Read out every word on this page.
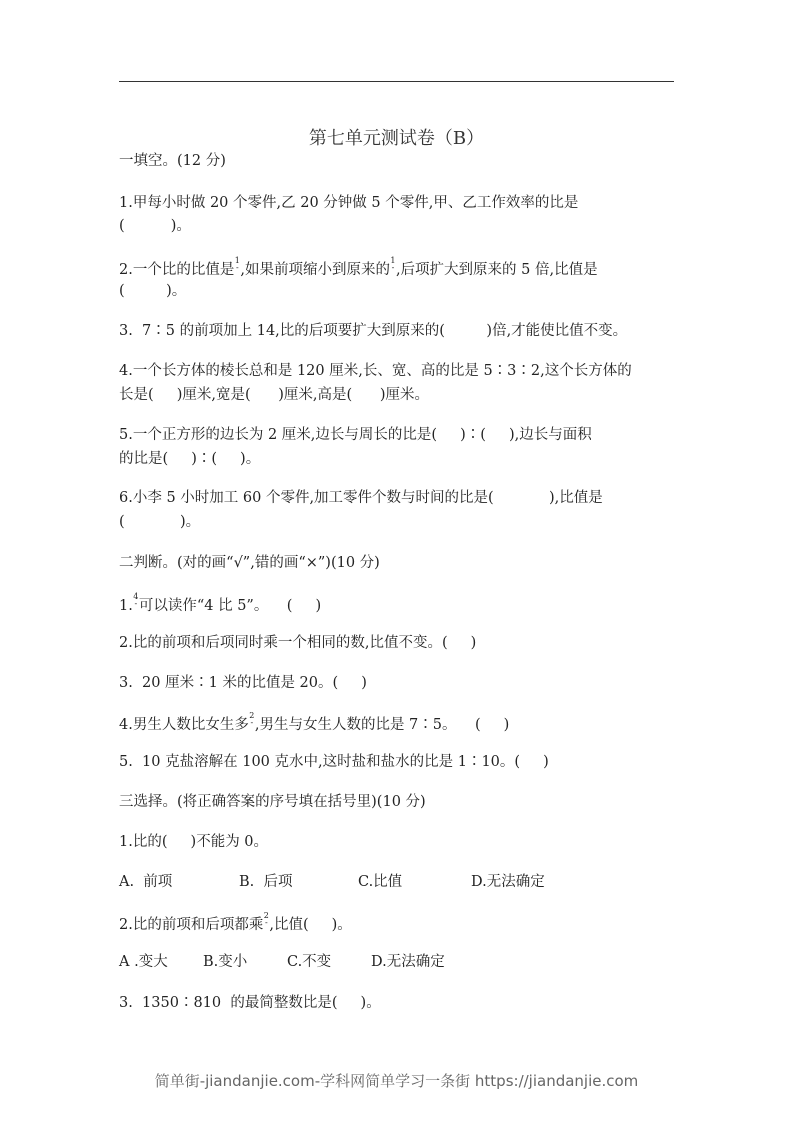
第七单元测试卷（B）
一填空。(12 分)
1.甲每小时做 20 个零件,乙 20 分钟做 5 个零件,甲、乙工作效率的比是
(          )。
2.一个比的比值是1
- ,如果前项缩小到原来的1
- ,后项扩大到原来的 5 倍,比值是
(         )。
3.  7∶5 的前项加上 14,比的后项要扩大到原来的(         )倍,才能使比值不变。
4.一个长方体的棱长总和是 120 厘米,长、宽、高的比是 5∶3∶2,这个长方体的
长是(     )厘米,宽是(      )厘米,高是(      )厘米。
5.一个正方形的边长为 2 厘米,边长与周长的比是(     )∶(     ),边长与面积
的比是(     )∶(     )。
6.小李 5 小时加工 60 个零件,加工零件个数与时间的比是(            ),比值是
(            )。
二判断。(对的画“√”,错的画“×”)(10 分)
1.4
- 可以读作“4 比 5”。    (     )
2.比的前项和后项同时乘一个相同的数,比值不变。(     )
3.  20 厘米∶1 米的比值是 20。(     )
4.男生人数比女生多2
- ,男生与女生人数的比是 7∶5。    (     )
5.  10 克盐溶解在 100 克水中,这时盐和盐水的比是 1∶10。(     )
三选择。(将正确答案的序号填在括号里)(10 分)
1.比的(     )不能为 0。
A.  前项	B.  后项	C.比值	D.无法确定
2.比的前项和后项都乘2
- ,比值(     )。
A .变大 B.变小	C.不变	D.无法确定
3.  1350∶810  的最简整数比是(     )。
简单街-jiandanjie.com-学科网简单学习一条街 https://jiandanjie.com
